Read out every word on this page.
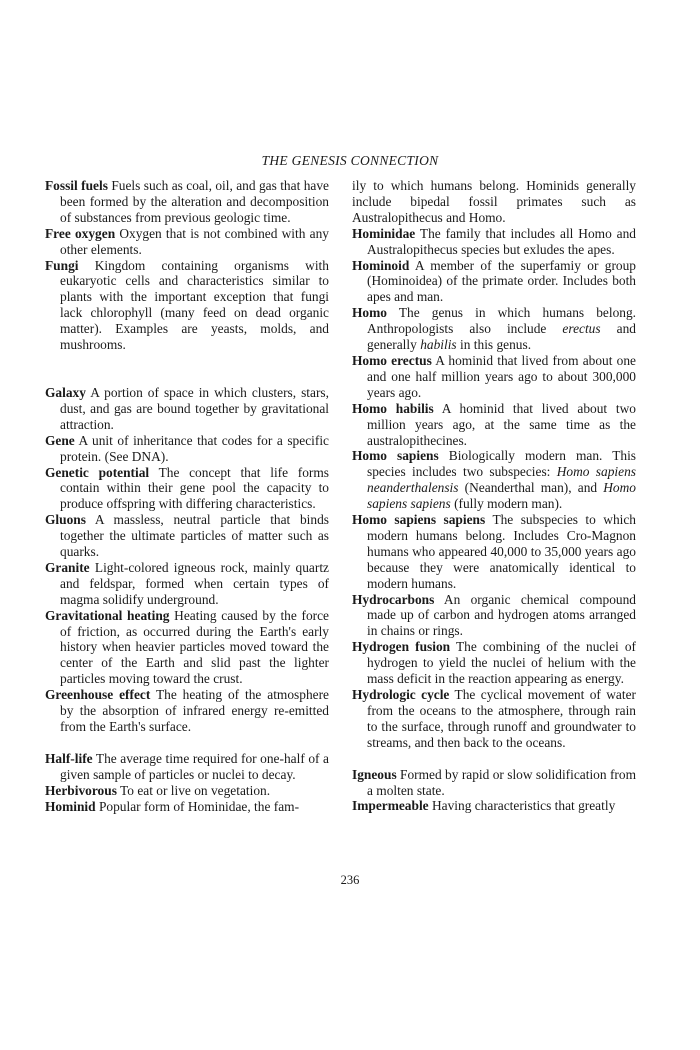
THE GENESIS CONNECTION

Fossil fuels Fuels such as coal, oil, and gas that have been formed by the alteration and decomposition of substances from previous geologic time.

Free oxygen Oxygen that is not combined with any other elements.

Fungi Kingdom containing organisms with eukaryotic cells and characteristics similar to plants with the important exception that fungi lack chlorophyll (many feed on dead organic matter). Examples are yeasts, molds, and mushrooms.

Galaxy A portion of space in which clusters, stars, dust, and gas are bound together by gravitational attraction.

Gene A unit of inheritance that codes for a specific protein. (See DNA).

Genetic potential The concept that life forms contain within their gene pool the capacity to produce offspring with differing characteristics.

Gluons A massless, neutral particle that binds together the ultimate particles of matter such as quarks.

Granite Light-colored igneous rock, mainly quartz and feldspar, formed when certain types of magma solidify underground.

Gravitational heating Heating caused by the force of friction, as occurred during the Earth's early history when heavier particles moved toward the center of the Earth and slid past the lighter particles moving toward the crust.

Greenhouse effect The heating of the atmosphere by the absorption of infrared energy re-emitted from the Earth's surface.

Half-life The average time required for one-half of a given sample of particles or nuclei to decay.

Herbivorous To eat or live on vegetation.

Hominid Popular form of Hominidae, the fam-

ily to which humans belong. Hominids generally include bipedal fossil primates such as Australopithecus and Homo.

Hominidae The family that includes all Homo and Australopithecus species but exludes the apes.

Hominoid A member of the superfamiy or group (Hominoidea) of the primate order. Includes both apes and man.

Homo The genus in which humans belong. Anthropologists also include erectus and generally habilis in this genus.

Homo erectus A hominid that lived from about one and one half million years ago to about 300,000 years ago.

Homo habilis A hominid that lived about two million years ago, at the same time as the australopithecines.

Homo sapiens Biologically modern man. This species includes two subspecies: Homo sapiens neanderthalensis (Neanderthal man), and Homo sapiens sapiens (fully modern man).

Homo sapiens sapiens The subspecies to which modern humans belong. Includes Cro-Magnon humans who appeared 40,000 to 35,000 years ago because they were anatomically identical to modern humans.

Hydrocarbons An organic chemical compound made up of carbon and hydrogen atoms arranged in chains or rings.

Hydrogen fusion The combining of the nuclei of hydrogen to yield the nuclei of helium with the mass deficit in the reaction appearing as energy.

Hydrologic cycle The cyclical movement of water from the oceans to the atmosphere, through rain to the surface, through runoff and groundwater to streams, and then back to the oceans.

Igneous Formed by rapid or slow solidification from a molten state.

Impermeable Having characteristics that greatly

236
